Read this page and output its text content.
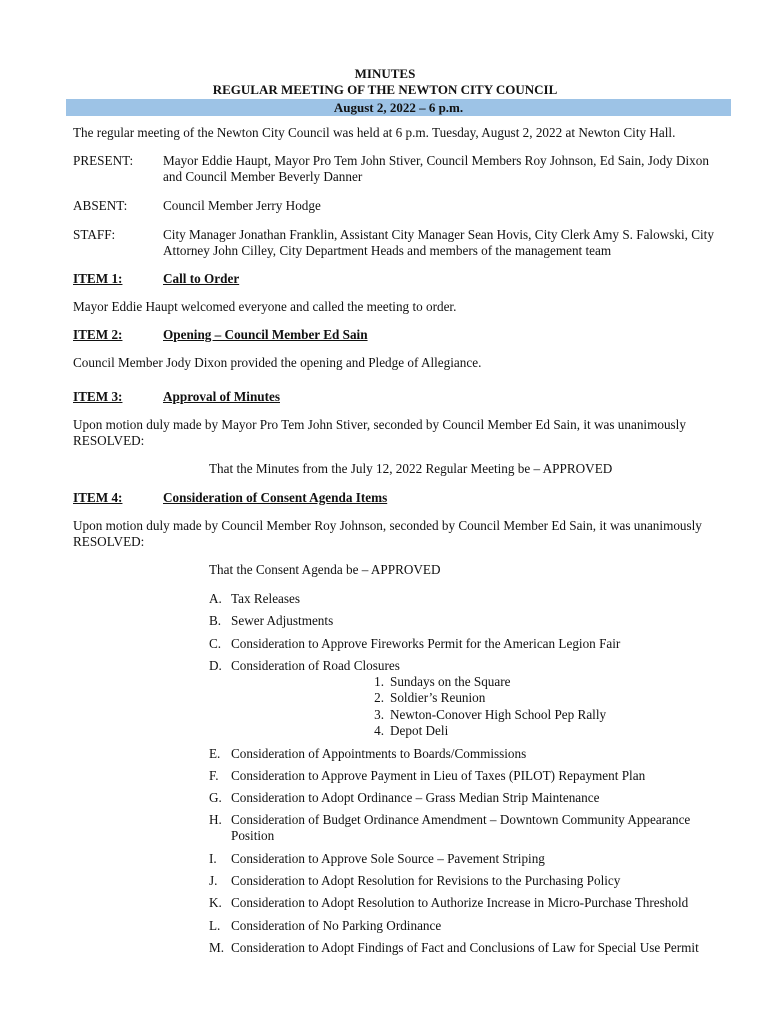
MINUTES
REGULAR MEETING OF THE NEWTON CITY COUNCIL
August 2, 2022 – 6 p.m.
The regular meeting of the Newton City Council was held at 6 p.m. Tuesday, August 2, 2022 at Newton City Hall.
PRESENT: Mayor Eddie Haupt, Mayor Pro Tem John Stiver, Council Members Roy Johnson, Ed Sain, Jody Dixon and Council Member Beverly Danner
ABSENT:	Council Member Jerry Hodge
STAFF:	City Manager Jonathan Franklin, Assistant City Manager Sean Hovis, City Clerk Amy S. Falowski, City Attorney John Cilley, City Department Heads and members of the management team
ITEM 1:	Call to Order
Mayor Eddie Haupt welcomed everyone and called the meeting to order.
ITEM 2:	Opening – Council Member Ed Sain
Council Member Jody Dixon provided the opening and Pledge of Allegiance.
ITEM 3:	Approval of Minutes
Upon motion duly made by Mayor Pro Tem John Stiver, seconded by Council Member Ed Sain, it was unanimously RESOLVED:
That the Minutes from the July 12, 2022 Regular Meeting be – APPROVED
ITEM 4:	Consideration of Consent Agenda Items
Upon motion duly made by Council Member Roy Johnson, seconded by Council Member Ed Sain, it was unanimously RESOLVED:
That the Consent Agenda be – APPROVED
A. Tax Releases
B. Sewer Adjustments
C. Consideration to Approve Fireworks Permit for the American Legion Fair
D. Consideration of Road Closures
1. Sundays on the Square
2. Soldier’s Reunion
3. Newton-Conover High School Pep Rally
4. Depot Deli
E. Consideration of Appointments to Boards/Commissions
F. Consideration to Approve Payment in Lieu of Taxes (PILOT) Repayment Plan
G. Consideration to Adopt Ordinance – Grass Median Strip Maintenance
H. Consideration of Budget Ordinance Amendment – Downtown Community Appearance Position
I.	Consideration to Approve Sole Source – Pavement Striping
J.	Consideration to Adopt Resolution for Revisions to the Purchasing Policy
K. Consideration to Adopt Resolution to Authorize Increase in Micro-Purchase Threshold
L. Consideration of No Parking Ordinance
M. Consideration to Adopt Findings of Fact and Conclusions of Law for Special Use Permit
